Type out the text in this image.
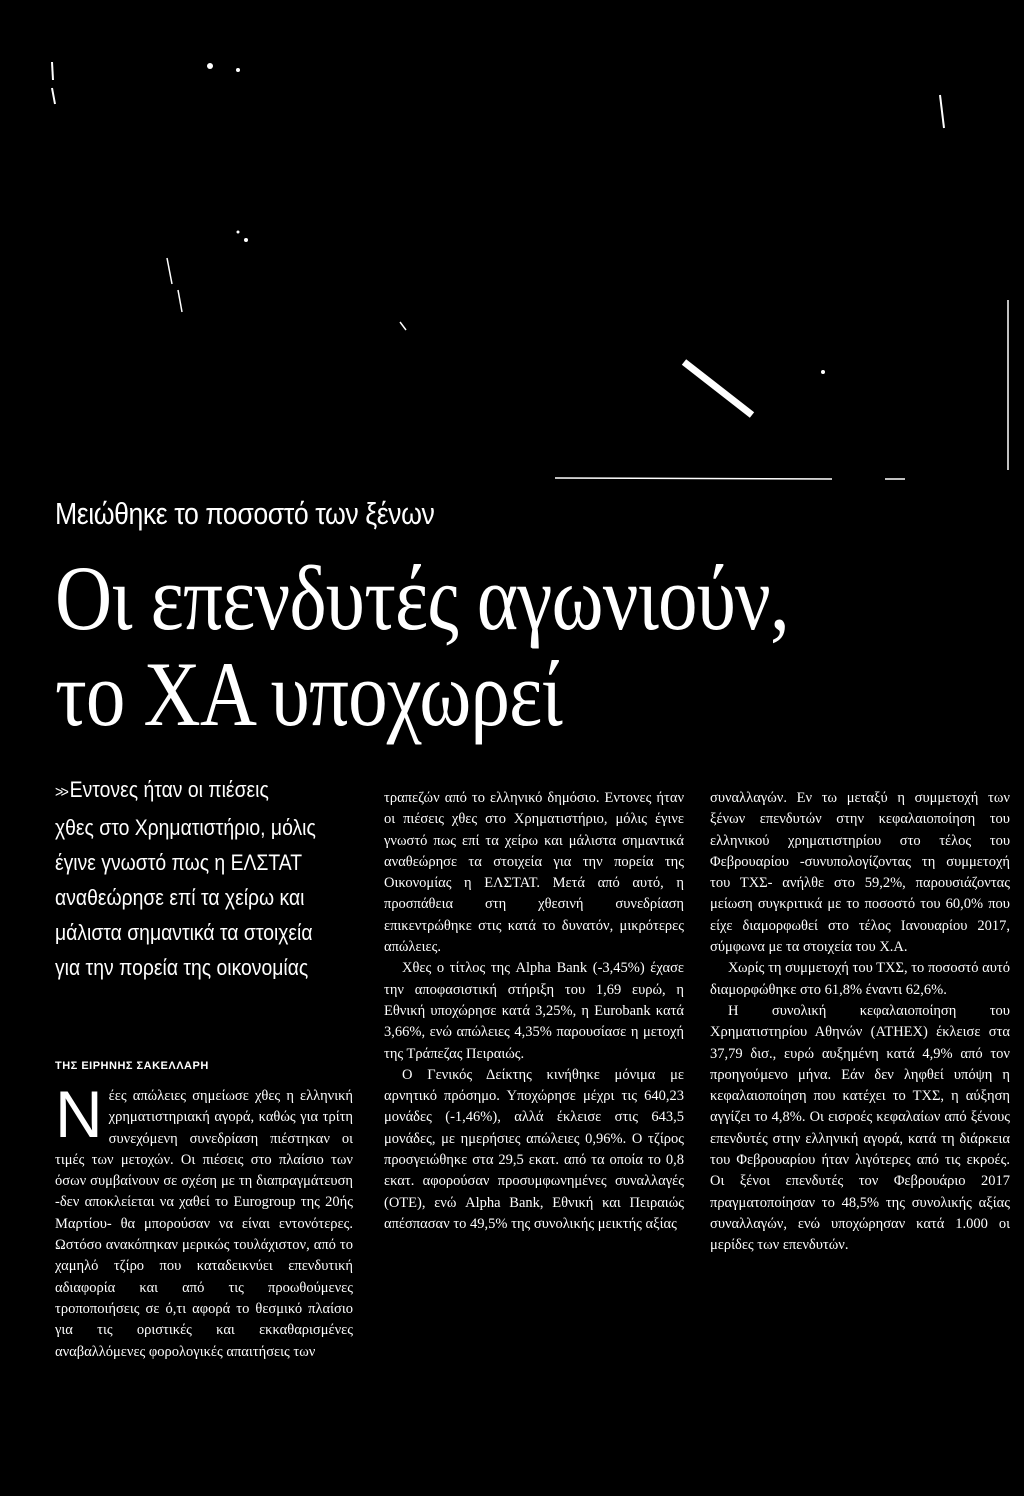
Μειώθηκε το ποσοστό των ξένων
Οι επενδυτές αγωνιούν,
το ΧΑ υποχωρεί
>> Εντονες ήταν οι πιέσεις
χθες στο Χρηματιστήριο, μόλις
έγινε γνωστό πως η ΕΛΣΤΑΤ
αναθεώρησε επί τα χείρω και
μάλιστα σημαντικά τα στοιχεία
για την πορεία της οικονομίας
ΤΗΣ ΕΙΡΗΝΗΣ ΣΑΚΕΛΛΑΡΗ
Ν έες απώλειες σημείωσε χθες η ελληνική χρηματιστηριακή αγορά, καθώς για τρίτη συνεχόμενη συνεδρίαση πιέστηκαν οι τιμές των μετοχών. Οι πιέσεις στο πλαίσιο των όσων συμβαίνουν σε σχέση με τη διαπραγμάτευση -δεν αποκλείεται να χαθεί το Eurogroup της 20ής Μαρτίου- θα μπορούσαν να είναι εντονότερες. Ωστόσο ανακόπηκαν μερικώς τουλάχιστον, από το χαμηλό τζίρο που καταδεικνύει επενδυτική αδιαφορία και από τις προωθούμενες τροποποιήσεις σε ό,τι αφορά το θεσμικό πλαίσιο για τις οριστικές και εκκαθαρισμένες αναβαλλόμενες φορολογικές απαιτήσεις των

τραπεζών από το ελληνικό δημόσιο. Εντονες ήταν οι πιέσεις χθες στο Χρηματιστήριο, μόλις έγινε γνωστό πως επί τα χείρω και μάλιστα σημαντικά αναθεώρησε τα στοιχεία για την πορεία της Οικονομίας η ΕΛΣΤΑΤ. Μετά από αυτό, η προσπάθεια στη χθεσινή συνεδρίαση επικεντρώθηκε στις κατά το δυνατόν, μικρότερες απώλειες.

Χθες ο τίτλος της Alpha Bank (-3,45%) έχασε την αποφασιστική στήριξη του 1,69 ευρώ, η Εθνική υποχώρησε κατά 3,25%, η Eurobank κατά 3,66%, ενώ απώλειες 4,35% παρουσίασε η μετοχή της Τράπεζας Πειραιώς.

Ο Γενικός Δείκτης κινήθηκε μόνιμα με αρνητικό πρόσημο. Υποχώρησε μέχρι τις 640,23 μονάδες (-1,46%), αλλά έκλεισε στις 643,5 μονάδες, με ημερήσιες απώλειες 0,96%. Ο τζίρος προσγειώθηκε στα 29,5 εκατ. από τα οποία το 0,8 εκατ. αφορούσαν προσυμφωνημένες συναλλαγές (ΟΤΕ), ενώ Alpha Bank, Εθνική και Πειραιώς απέσπασαν το 49,5% της συνολικής μεικτής αξίας

συναλλαγών. Εν τω μεταξύ η συμμετοχή των ξένων επενδυτών στην κεφαλαιοποίηση του ελληνικού χρηματιστηρίου στο τέλος του Φεβρουαρίου -συνυπολογίζοντας τη συμμετοχή του ΤΧΣ- ανήλθε στο 59,2%, παρουσιάζοντας μείωση συγκριτικά με το ποσοστό του 60,0% που είχε διαμορφωθεί στο τέλος Ιανουαρίου 2017, σύμφωνα με τα στοιχεία του Χ.Α.

Χωρίς τη συμμετοχή του ΤΧΣ, το ποσοστό αυτό διαμορφώθηκε στο 61,8% έναντι 62,6%.

Η συνολική κεφαλαιοποίηση του Χρηματιστηρίου Αθηνών (ΑΤΗΕΧ) έκλεισε στα 37,79 δισ., ευρώ αυξημένη κατά 4,9% από τον προηγούμενο μήνα. Εάν δεν ληφθεί υπόψη η κεφαλαιοποίηση που κατέχει το ΤΧΣ, η αύξηση αγγίζει το 4,8%. Οι εισροές κεφαλαίων από ξένους επενδυτές στην ελληνική αγορά, κατά τη διάρκεια του Φεβρουαρίου ήταν λιγότερες από τις εκροές. Οι ξένοι επενδυτές τον Φεβρουάριο 2017 πραγματοποίησαν το 48,5% της συνολικής αξίας συναλλαγών, ενώ υποχώρησαν κατά 1.000 οι μερίδες των επενδυτών.
